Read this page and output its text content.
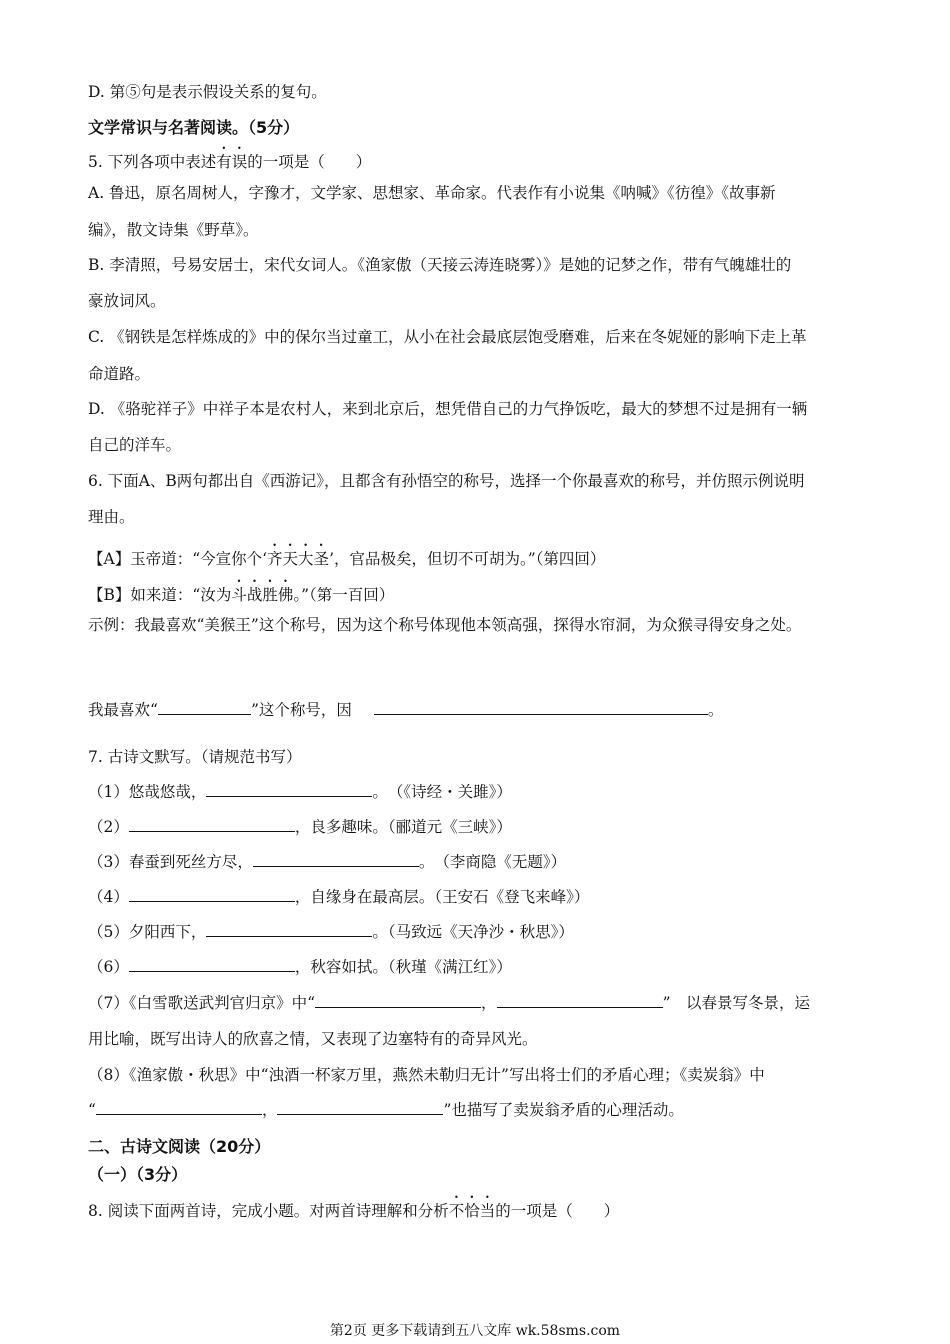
D. 第⑤句是表示假设关系的复句。
文学常识与名著阅读。（5分）
5. 下列各项中表述有误的一项是（　　）
A. 鲁迅，原名周树人，字豫才，文学家、思想家、革命家。代表作有小说集《呐喊》《彷徨》《故事新
编》，散文诗集《野草》。
B. 李清照，号易安居士，宋代女词人。《渔家傲（天接云涛连晓雾）》是她的记梦之作，带有气魄雄壮的
豪放词风。
C. 《钢铁是怎样炼成的》中的保尔当过童工，从小在社会最底层饱受磨难，后来在冬妮娅的影响下走上革
命道路。
D. 《骆驼祥子》中祥子本是农村人，来到北京后，想凭借自己的力气挣饭吃，最大的梦想不过是拥有一辆
自己的洋车。
6. 下面A、B两句都出自《西游记》，且都含有孙悟空的称号，选择一个你最喜欢的称号，并仿照示例说明
理由。
【A】玉帝道：“今宣你个‘齐天大圣’，官品极矣，但切不可胡为。”（第四回）
【B】如来道：“汝为斗战胜佛。”（第一百回）
示例：我最喜欢“美猴王”这个称号，因为这个称号体现他本领高强，探得水帘洞，为众猴寻得安身之处。
我最喜欢“	”这个称号，因	。
7. 古诗文默写。（请规范书写）
（1）悠哉悠哉，	。　（《诗经・关雎》）
（2）	，良多趣味。（郦道元《三峡》）
（3）春蚕到死丝方尽，	。　（李商隐《无题》）
（4）	，自缘身在最高层。（王安石《登飞来峰》）
（5）夕阳西下，	。（马致远《天净沙・秋思》）
（6）	，秋容如拭。（秋瑾《满江红》）
（7）《白雪歌送武判官归京》中“	，	”　以春景写冬景，运
用比喻，既写出诗人的欣喜之情，又表现了边塞特有的奇异风光。
（8）《渔家傲・秋思》中“浊酒一杯家万里，燕然未勒归无计”写出将士们的矛盾心理；《卖炭翁》中
“	，	”也描写了卖炭翁矛盾的心理活动。
二、古诗文阅读（20分）
（一）（3分）
8. 阅读下面两首诗，完成小题。对两首诗理解和分析不恰当的一项是（　　）
第2页 更多下载请到五八文库 wk.58sms.com
